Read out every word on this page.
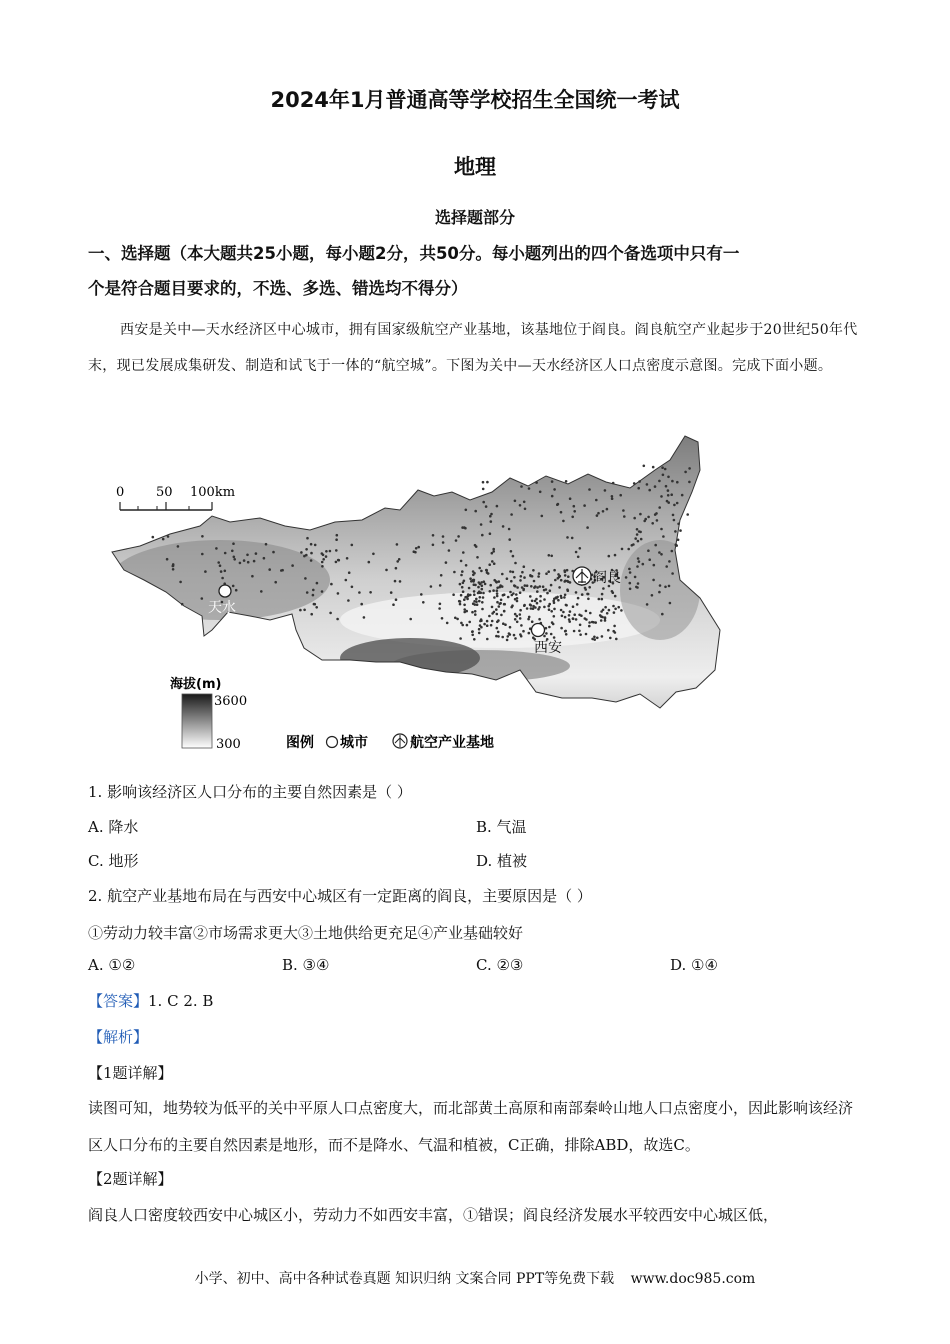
2024年1月普通高等学校招生全国统一考试
地理
选择题部分
一、选择题（本大题共25小题，每小题2分，共50分。每小题列出的四个备选项中只有一
个是符合题目要求的，不选、多选、错选均不得分）
西安是关中—天水经济区中心城市，拥有国家级航空产业基地，该基地位于阎良。阎良航空产业起步于20世纪50年代末，现已发展成集研发、制造和试飞于一体的“航空城”。下图为关中—天水经济区人口点密度示意图。完成下面小题。
0 50 100km
天水
西安
阎良
海拔(m)
3600
300	图例 城市	航空产业基地
1. 影响该经济区人口分布的主要自然因素是（ ）
A. 降水	B. 气温
C. 地形	D. 植被
2. 航空产业基地布局在与西安中心城区有一定距离的阎良，主要原因是（ ）
①劳动力较丰富②市场需求更大③土地供给更充足④产业基础较好
A. ①②	B. ③④	C. ②③	D. ①④
【答案】1. C 2. B
【解析】
【1题详解】
读图可知，地势较为低平的关中平原人口点密度大，而北部黄土高原和南部秦岭山地人口点密度小，因此影响该经济区人口分布的主要自然因素是地形，而不是降水、气温和植被，C正确，排除ABD，故选C。
【2题详解】
阎良人口密度较西安中心城区小，劳动力不如西安丰富，①错误；阎良经济发展水平较西安中心城区低，
小学、初中、高中各种试卷真题 知识归纳 文案合同 PPT等免费下载 www.doc985.com
